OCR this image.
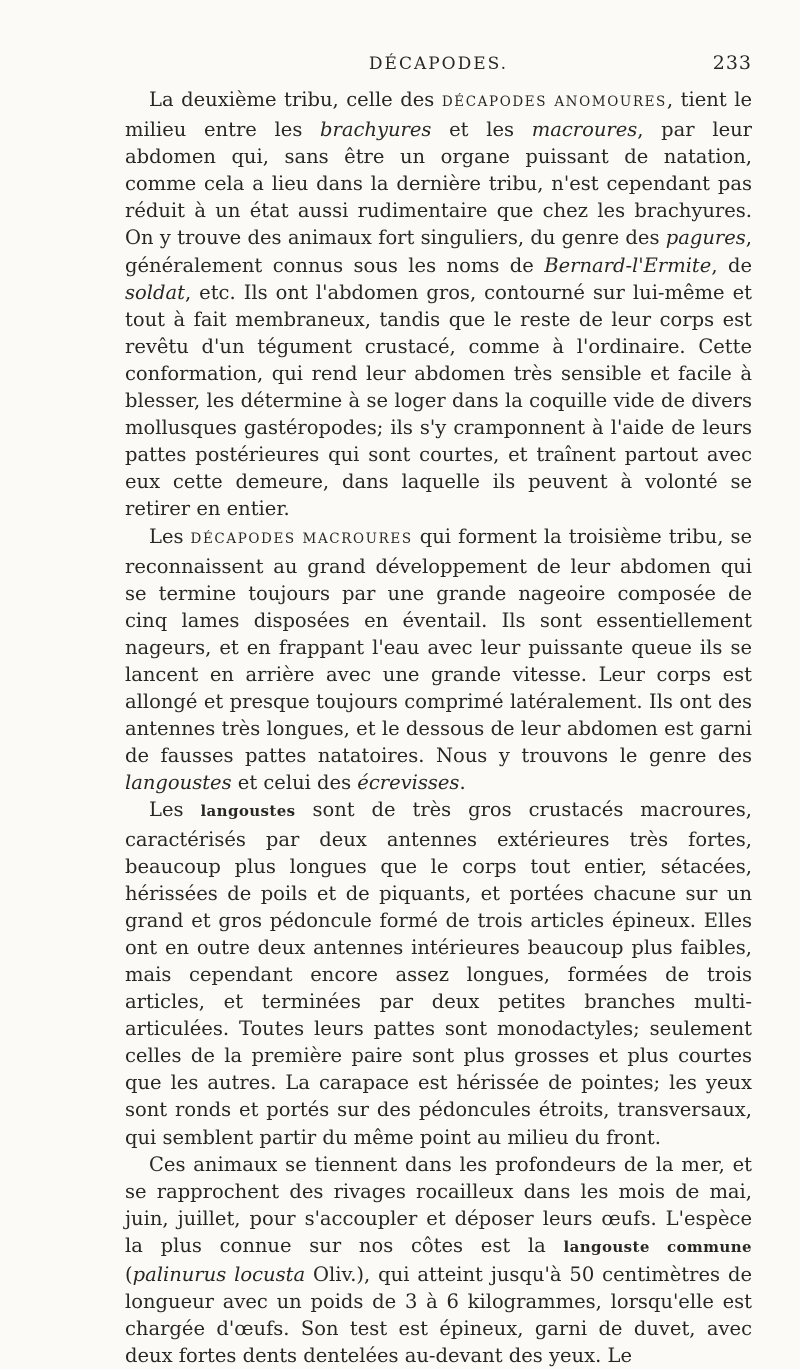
DÉCAPODES.	233

La deuxième tribu, celle des DÉCAPODES ANOMOURES, tient le milieu entre les brachyures et les macroures, par leur abdomen qui, sans être un organe puissant de natation, comme cela a lieu dans la dernière tribu, n'est cependant pas réduit à un état aussi rudimentaire que chez les brachyures. On y trouve des animaux fort singuliers, du genre des pagures, généralement connus sous les noms de Bernard-l'Ermite, de soldat, etc. Ils ont l'abdomen gros, contourné sur lui-même et tout à fait membraneux, tandis que le reste de leur corps est revêtu d'un tégument crustacé, comme à l'ordinaire. Cette conformation, qui rend leur abdomen très sensible et facile à blesser, les détermine à se loger dans la coquille vide de divers mollusques gastéropodes; ils s'y cramponnent à l'aide de leurs pattes postérieures qui sont courtes, et traînent partout avec eux cette demeure, dans laquelle ils peuvent à volonté se retirer en entier.

Les DÉCAPODES MACROURES qui forment la troisième tribu, se reconnaissent au grand développement de leur abdomen qui se termine toujours par une grande nageoire composée de cinq lames disposées en éventail. Ils sont essentiellement nageurs, et en frappant l'eau avec leur puissante queue ils se lancent en arrière avec une grande vitesse. Leur corps est allongé et presque toujours comprimé latéralement. Ils ont des antennes très longues, et le dessous de leur abdomen est garni de fausses pattes natatoires. Nous y trouvons le genre des langoustes et celui des écrevisses.

Les langoustes sont de très gros crustacés macroures, caractérisés par deux antennes extérieures très fortes, beaucoup plus longues que le corps tout entier, sétacées, hérissées de poils et de piquants, et portées chacune sur un grand et gros pédoncule formé de trois articles épineux. Elles ont en outre deux antennes intérieures beaucoup plus faibles, mais cependant encore assez longues, formées de trois articles, et terminées par deux petites branches multi-articulées. Toutes leurs pattes sont monodactyles; seulement celles de la première paire sont plus grosses et plus courtes que les autres. La carapace est hérissée de pointes; les yeux sont ronds et portés sur des pédoncules étroits, transversaux, qui semblent partir du même point au milieu du front.

Ces animaux se tiennent dans les profondeurs de la mer, et se rapprochent des rivages rocailleux dans les mois de mai, juin, juillet, pour s'accoupler et déposer leurs œufs. L'espèce la plus connue sur nos côtes est la langouste commune (palinurus locusta Oliv.), qui atteint jusqu'à 50 centimètres de longueur avec un poids de 3 à 6 kilogrammes, lorsqu'elle est chargée d'œufs. Son test est épineux, garni de duvet, avec deux fortes dents dentelées au-devant des yeux. Le
